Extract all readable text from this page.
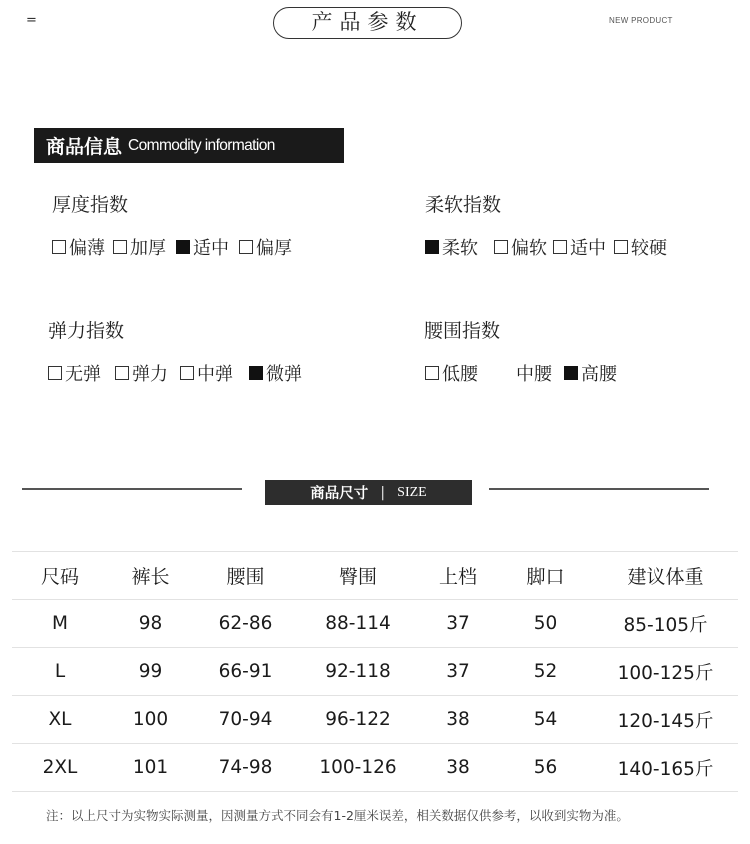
=	产品参数	NEW PRODUCT
商品信息 Commodity information
厚度指数
偏薄 加厚 适中 偏厚
柔软指数
柔软 偏软 适中 较硬
弹力指数
无弹 弹力 中弹 微弹
腰围指数
低腰 中腰 高腰
商品尺寸 | SIZE
尺码	裤长	腰围	臀围	上档	脚口	建议体重
M	98	62-86	88-114	37	50	85-105斤
L	99	66-91	92-118	37	52	100-125斤
XL	100	70-94	96-122	38	54	120-145斤
2XL	101	74-98	100-126	38	56	140-165斤
注：以上尺寸为实物实际测量，因测量方式不同会有1-2厘米误差，相关数据仅供参考，以收到实物为准。
